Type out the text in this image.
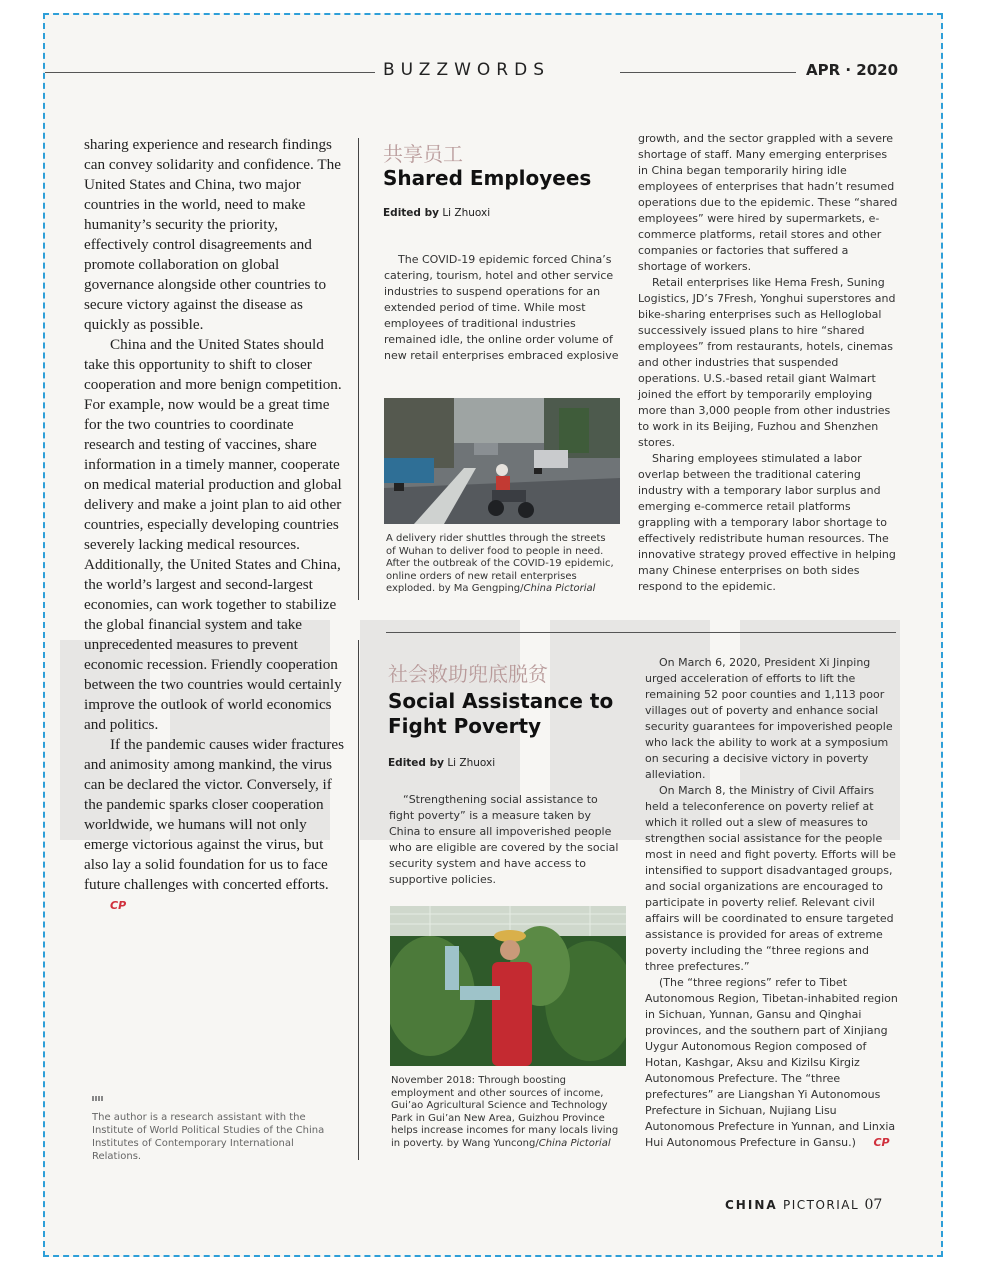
BUZZWORDS	APR · 2020

sharing experience and research findings can convey solidarity and confidence. The United States and China, two major countries in the world, need to make humanity’s security the priority, effectively control disagreements and promote collaboration on global governance alongside other countries to secure victory against the disease as quickly as possible.

China and the United States should take this opportunity to shift to closer cooperation and more benign competition. For example, now would be a great time for the two countries to coordinate research and testing of vaccines, share information in a timely manner, cooperate on medical material production and global delivery and make a joint plan to aid other countries, especially developing countries severely lacking medical resources. Additionally, the United States and China, the world’s largest and second-largest economies, can work together to stabilize the global financial system and take unprecedented measures to prevent economic recession. Friendly cooperation between the two countries would certainly improve the outlook of world economics and politics.

If the pandemic causes wider fractures and animosity among mankind, the virus can be declared the victor. Conversely, if the pandemic sparks closer cooperation worldwide, we humans will not only emerge victorious against the virus, but also lay a solid foundation for us to face future challenges with concerted efforts. CP

The author is a research assistant with the Institute of World Political Studies of the China Institutes of Contemporary International Relations.
共享员工
Shared Employees
Edited by Li Zhuoxi

The COVID-19 epidemic forced China’s catering, tourism, hotel and other service industries to suspend operations for an extended period of time. While most employees of traditional industries remained idle, the online order volume of new retail enterprises embraced explosive

A delivery rider shuttles through the streets of Wuhan to deliver food to people in need. After the outbreak of the COVID-19 epidemic, online orders of new retail enterprises exploded. by Ma Gengping/China Pictorial

growth, and the sector grappled with a severe shortage of staff. Many emerging enterprises in China began temporarily hiring idle employees of enterprises that hadn’t resumed operations due to the epidemic. These “shared employees” were hired by supermarkets, e-commerce platforms, retail stores and other companies or factories that suffered a shortage of workers.

Retail enterprises like Hema Fresh, Suning Logistics, JD’s 7Fresh, Yonghui superstores and bike-sharing enterprises such as Helloglobal successively issued plans to hire “shared employees” from restaurants, hotels, cinemas and other industries that suspended operations. U.S.-based retail giant Walmart joined the effort by temporarily employing more than 3,000 people from other industries to work in its Beijing, Fuzhou and Shenzhen stores.

Sharing employees stimulated a labor overlap between the traditional catering industry with a temporary labor surplus and emerging e-commerce retail platforms grappling with a temporary labor shortage to effectively redistribute human resources. The innovative strategy proved effective in helping many Chinese enterprises on both sides respond to the epidemic.

社会救助兜底脱贫
Social Assistance to
Fight Poverty
Edited by Li Zhuoxi

“Strengthening social assistance to fight poverty” is a measure taken by China to ensure all impoverished people who are eligible are covered by the social security system and have access to supportive policies.

November 2018: Through boosting employment and other sources of income, Gui’ao Agricultural Science and Technology Park in Gui’an New Area, Guizhou Province helps increase incomes for many locals living in poverty. by Wang Yuncong/China Pictorial

On March 6, 2020, President Xi Jinping urged acceleration of efforts to lift the remaining 52 poor counties and 1,113 poor villages out of poverty and enhance social security guarantees for impoverished people who lack the ability to work at a symposium on securing a decisive victory in poverty alleviation.

On March 8, the Ministry of Civil Affairs held a teleconference on poverty relief at which it rolled out a slew of measures to strengthen social assistance for the people most in need and fight poverty. Efforts will be intensified to support disadvantaged groups, and social organizations are encouraged to participate in poverty relief. Relevant civil affairs will be coordinated to ensure targeted assistance is provided for areas of extreme poverty including the “three regions and three prefectures.”

(The “three regions” refer to Tibet Autonomous Region, Tibetan-inhabited region in Sichuan, Yunnan, Gansu and Qinghai provinces, and the southern part of Xinjiang Uygur Autonomous Region composed of Hotan, Kashgar, Aksu and Kizilsu Kirgiz Autonomous Prefecture. The “three prefectures” are Liangshan Yi Autonomous Prefecture in Sichuan, Nujiang Lisu Autonomous Prefecture in Yunnan, and Linxia Hui Autonomous Prefecture in Gansu.) CP

CHINA PICTORIAL 07
